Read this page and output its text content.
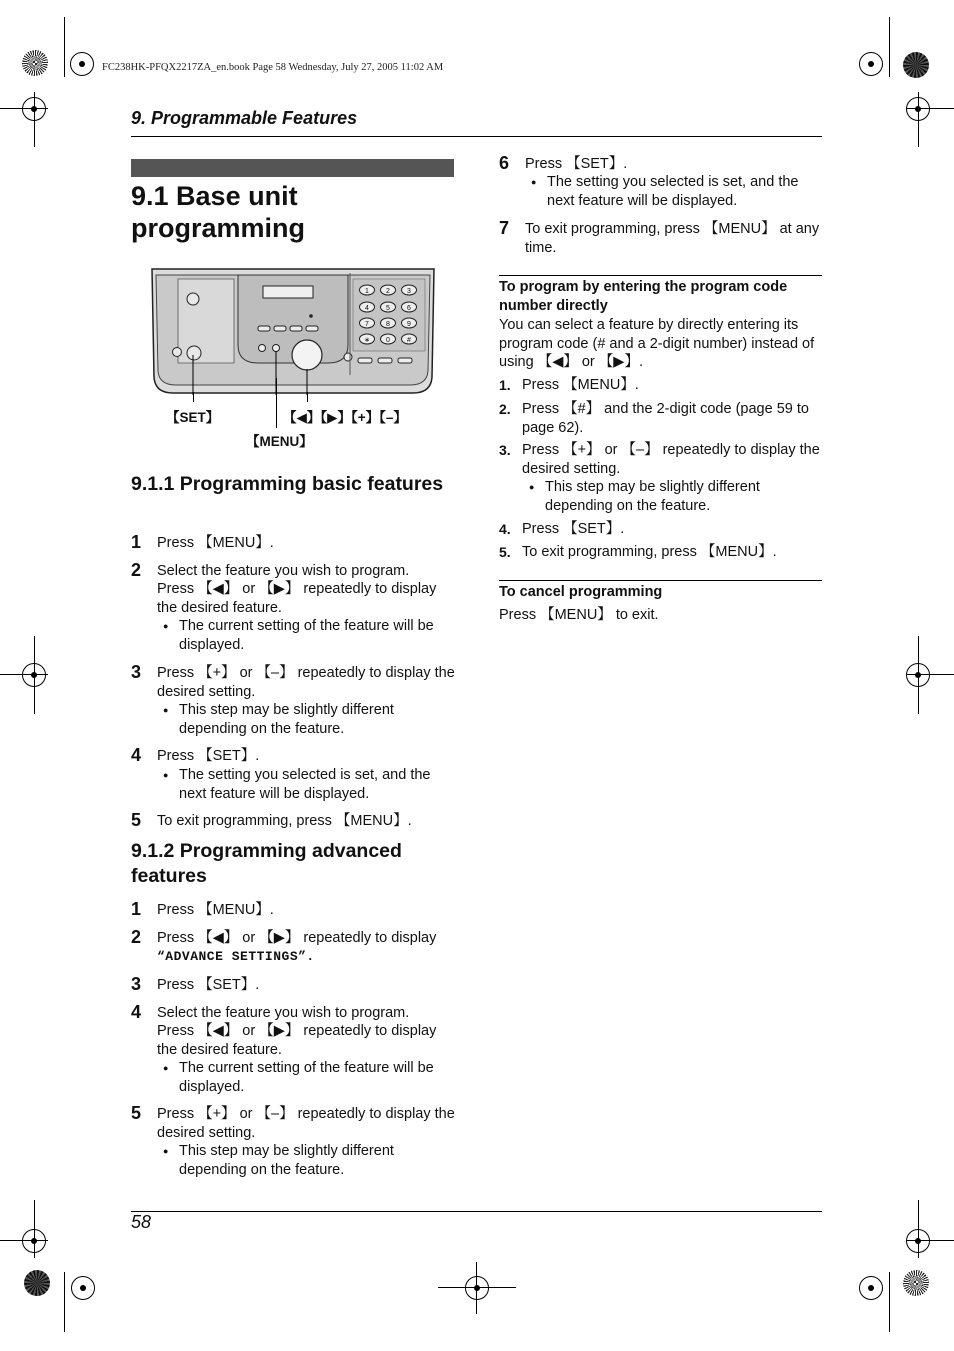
FC238HK-PFQX2217ZA_en.book Page 58 Wednesday, July 27, 2005 11:02 AM
9. Programmable Features
9.1 Base unit programming
1 2 3
4 5 6
7 8 9
∗ 0 #
【SET】	【◀】【▶】【+】【–】
【MENU】
9.1.1 Programming basic features
1 Press 【MENU】.
2 Select the feature you wish to program.
Press 【◀】 or 【▶】 repeatedly to display the desired feature.
● The current setting of the feature will be displayed.
3 Press 【+】 or 【–】 repeatedly to display the desired setting.
● This step may be slightly different depending on the feature.
4 Press 【SET】.
● The setting you selected is set, and the next feature will be displayed.
5 To exit programming, press 【MENU】.
9.1.2 Programming advanced features
1 Press 【MENU】.
2 Press 【◀】 or 【▶】 repeatedly to display
“ADVANCE SETTINGS”.
3 Press 【SET】.
4 Select the feature you wish to program.
Press 【◀】 or 【▶】 repeatedly to display the desired feature.
● The current setting of the feature will be displayed.
5 Press 【+】 or 【–】 repeatedly to display the desired setting.
● This step may be slightly different depending on the feature.
6 Press 【SET】.
● The setting you selected is set, and the next feature will be displayed.
7 To exit programming, press 【MENU】 at any time.
To program by entering the program code number directly
You can select a feature by directly entering its program code (# and a 2-digit number) instead of using 【◀】 or 【▶】.
1. Press 【MENU】.
2. Press 【#】 and the 2-digit code (page 59 to page 62).
3. Press 【+】 or 【–】 repeatedly to display the desired setting.
● This step may be slightly different depending on the feature.
4. Press 【SET】.
5. To exit programming, press 【MENU】.
To cancel programming
Press 【MENU】 to exit.
58
